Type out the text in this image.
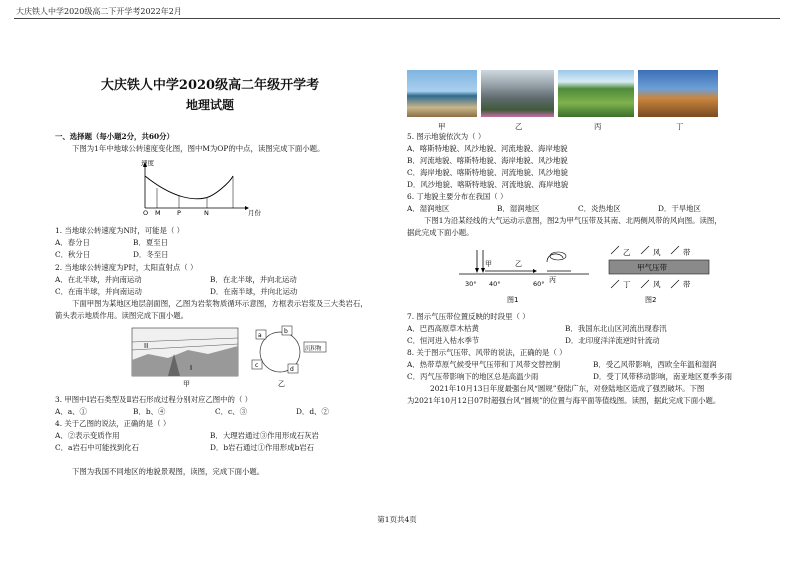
大庆铁人中学2020级高二下开学考2022年2月
大庆铁人中学2020级高二年级开学考
地理试题
一、选择题（每小题2分，共60分）
下图为1年中地球公转速度变化图，图中M为OP的中点，读图完成下面小题。
速度
月份
O M	P	N
1. 当地球公转速度为N时，可能是（ ）
A．春分日	B．夏至日
C．秋分日	D．冬至日
2. 当地球公转速度为P时，太阳直射点（ ）
A．在北半球，并向南运动	B．在北半球，并向北运动
C．在南半球，并向南运动	D．在南半球，并向北运动
下面甲图为某地区地层剖面图，乙图为岩浆物质循环示意图，方框表示岩浆及三大类岩石，
箭头表示地质作用。读图完成下面小题。
II
I
甲
a
b
c
d
沉积物
乙
3. 甲图中Ⅰ岩石类型及Ⅱ岩石形成过程分别对应乙图中的（ ）
A．a、①	B．b、④	C．c、③	D．d、②
4. 关于乙图的说法，正确的是（ ）
A．②表示变质作用	B．大理岩通过③作用形成石灰岩
C．a岩石中可能找到化石	D．b岩石通过①作用形成b岩石
下图为我国不同地区的地貌景观图，读图，完成下面小题。
甲	乙	丙	丁
5. 图示地貌依次为（ ）
A．喀斯特地貌、风沙地貌、河流地貌、海岸地貌
B．河流地貌、喀斯特地貌、海岸地貌、风沙地貌
C．海岸地貌、喀斯特地貌、河流地貌、风沙地貌
D．风沙地貌、喀斯特地貌、河流地貌、海岸地貌
6. 丁地貌主要分布在我国（ ）
A．湿润地区	B．湿润地区	C．炎热地区	D．干旱地区
下图1为沿某经线的大气运动示意图，图2为甲气压带及其南、北两侧风带的风向图。读图，
据此完成下面小题。
甲	乙
丙
30° 40°	60°
图1
乙	风	带
甲气压带
丁	风	带
图2
7. 图示气压带位置反映的时段里（ ）
A．巴西高原草木枯黄	B．我国东北山区河流出现春汛
C．恒河进入枯水季节	D．北印度洋洋流逆时针流动
8. 关于图示气压带、风带的说法，正确的是（ ）
A．热带草原气候受甲气压带和丁风带交替控制	B．受乙风带影响，西欧全年温和湿润
C．丙气压带影响下的地区总是高温少雨	D．受丁风带移动影响，南亚地区夏季多雨
2021年10月13日年度最强台风“圆规”登陆广东，对登陆地区造成了强烈破坏。下图
为2021年10月12日07时超强台风“圆规”的位置与海平面等值线图。读图，据此完成下面小题。
第1页共4页
